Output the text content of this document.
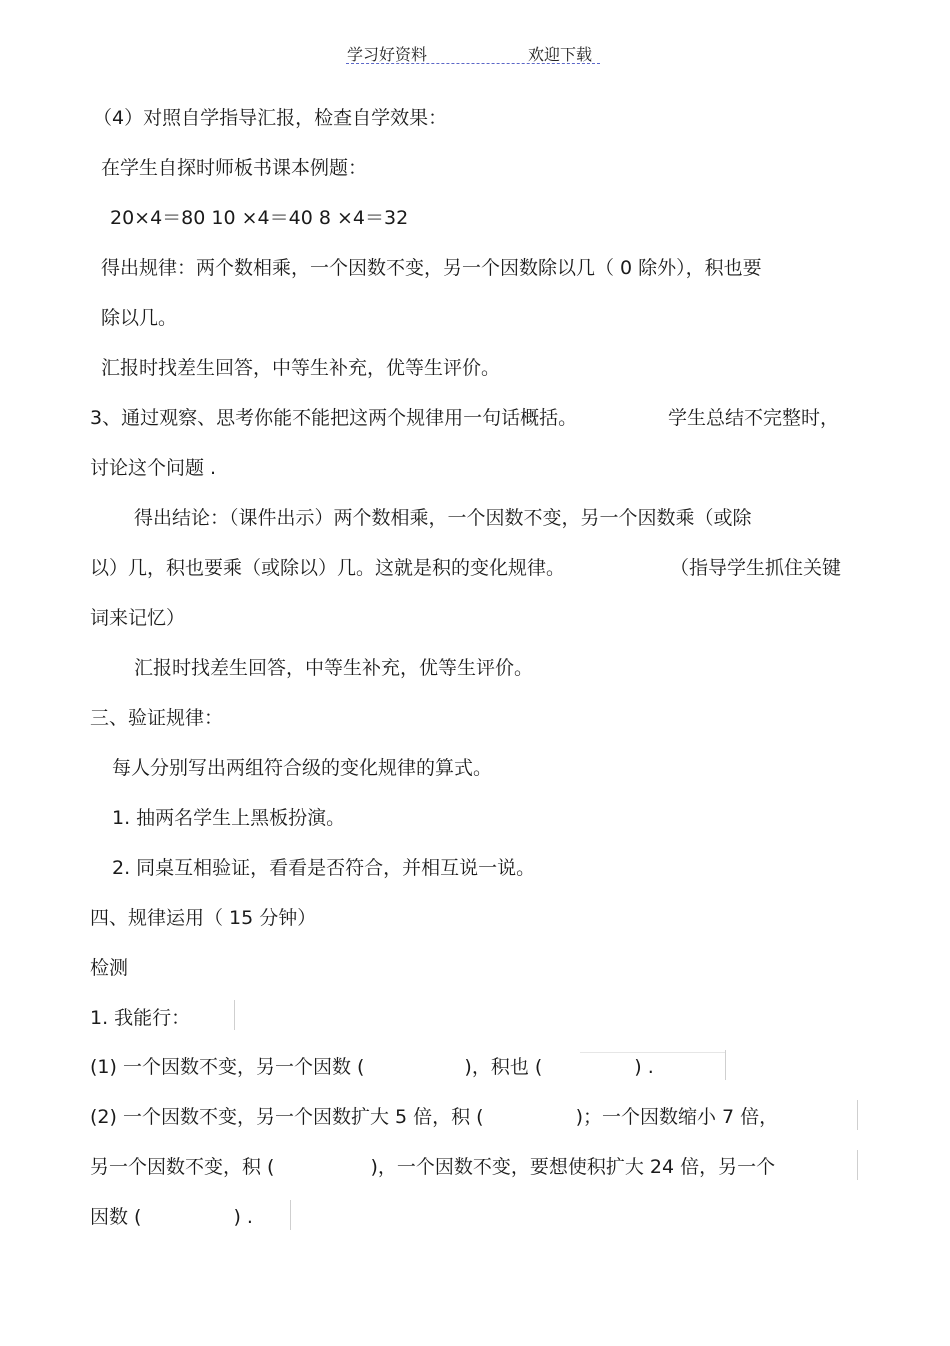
学习好资料	欢迎下载
（4）对照自学指导汇报，检查自学效果：
在学生自探时师板书课本例题：
20×4＝80 10 ×4＝40 8 ×4＝32
得出规律：两个数相乘，一个因数不变，另一个因数除以几（ 0 除外），积也要
除以几。
汇报时找差生回答，中等生补充，优等生评价。
3、通过观察、思考你能不能把这两个规律用一句话概括。	学生总结不完整时，
讨论这个问题 .
得出结论：（课件出示）两个数相乘，一个因数不变，另一个因数乘（或除
以）几，积也要乘（或除以）几。这就是积的变化规律。	（指导学生抓住关键
词来记忆）
汇报时找差生回答，中等生补充，优等生评价。
三、验证规律：
每人分别写出两组符合级的变化规律的算式。
1. 抽两名学生上黑板扮演。
2. 同桌互相验证，看看是否符合，并相互说一说。
四、规律运用（ 15 分钟）
检测
1. 我能行：
(1) 一个因数不变，另一个因数 (	)，积也 (	) .
(2) 一个因数不变，另一个因数扩大 5 倍，积 (	)；一个因数缩小 7 倍，
另一个因数不变，积 (	)，一个因数不变，要想使积扩大 24 倍，另一个
因数 (	) .
